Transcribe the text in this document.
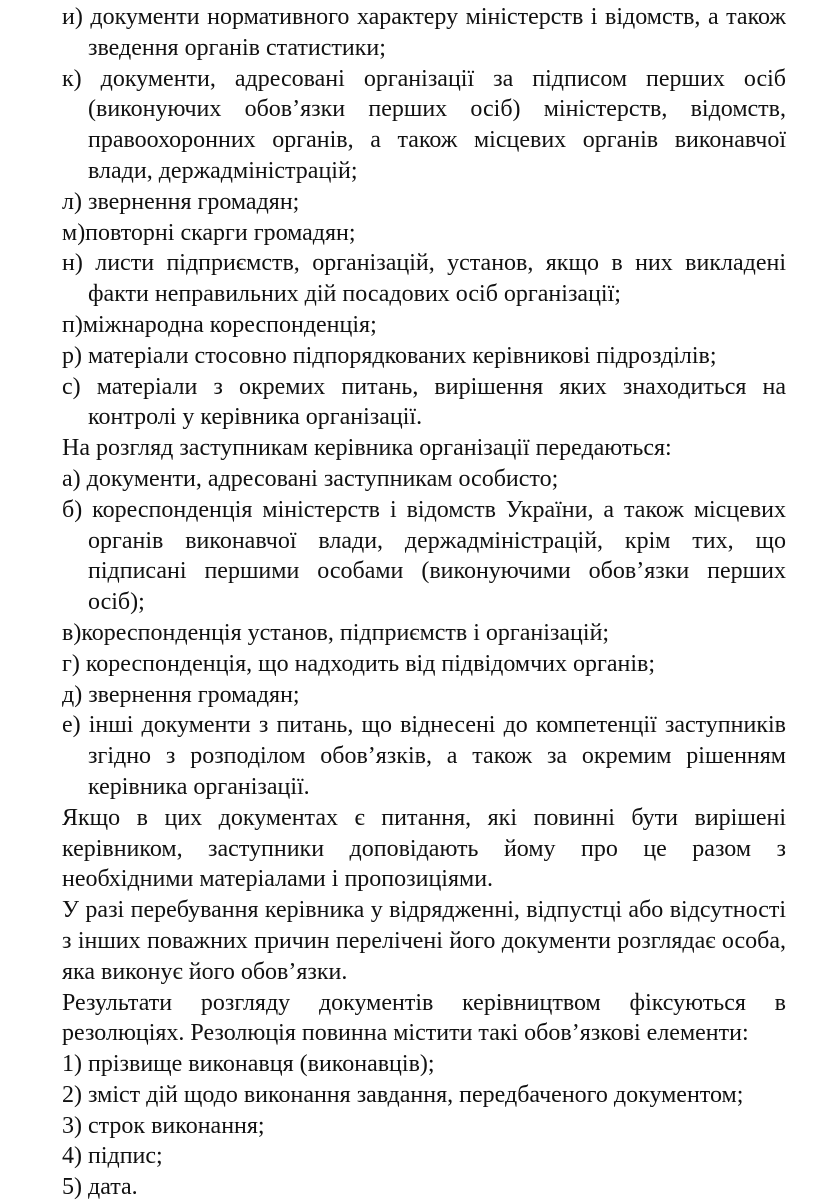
и) документи нормативного характеру міністерств і відомств, а також зведення органів статистики;

к) документи, адресовані організації за підписом перших осіб (виконуючих обов’язки перших осіб) міністерств, відомств, правоохоронних органів, а також місцевих органів виконавчої влади, держадміністрацій;

л) звернення громадян;

м)повторні скарги громадян;

н) листи підприємств, організацій, установ, якщо в них викладені факти неправильних дій посадових осіб організації;

п)міжнародна кореспонденція;

р) матеріали стосовно підпорядкованих керівникові підрозділів;

с) матеріали з окремих питань, вирішення яких знаходиться на контролі у керівника організації.

На розгляд заступникам керівника організації передаються:

а) документи, адресовані заступникам особисто;

б) кореспонденція міністерств і відомств України, а також місцевих органів виконавчої влади, держадміністрацій, крім тих, що підписані першими особами (виконуючими обов’язки перших осіб);

в)кореспонденція установ, підприємств і організацій;

г) кореспонденція, що надходить від підвідомчих органів;

д) звернення громадян;

е) інші документи з питань, що віднесені до компетенції заступників згідно з розподілом обов’язків, а також за окремим рішенням керівника організації.

Якщо в цих документах є питання, які повинні бути вирішені керівником, заступники доповідають йому про це разом з необхідними матеріалами і пропозиціями.

У разі перебування керівника у відрядженні, відпустці або відсутності з інших поважних причин перелічені його документи розглядає особа, яка виконує його обов’язки.

Результати розгляду документів керівництвом фіксуються в резолюціях. Резолюція повинна містити такі обов’язкові елементи:

1) прізвище виконавця (виконавців);

2) зміст дій щодо виконання завдання, передбаченого документом;

3) строк виконання;

4) підпис;

5) дата.
